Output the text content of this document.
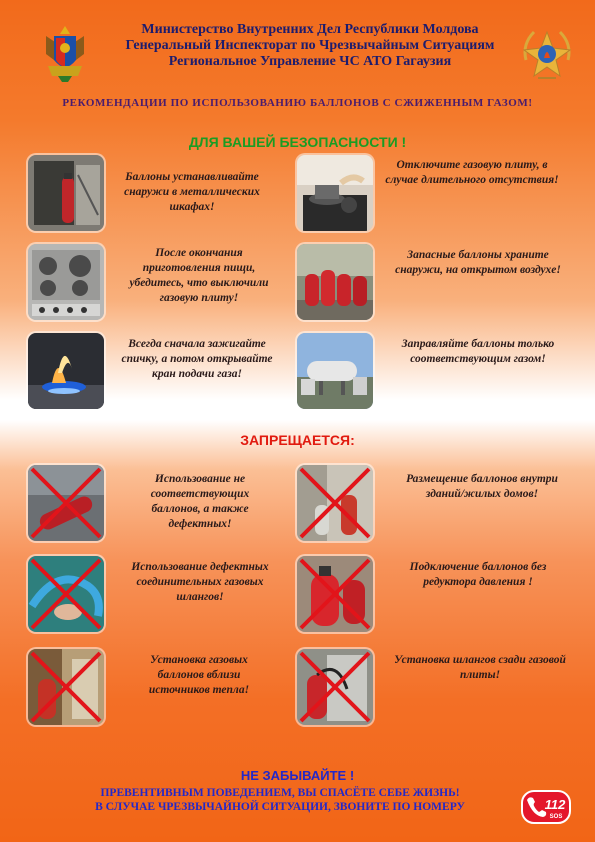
Министерство Внутренних Дел Республики Молдова
Генеральный Инспекторат по Чрезвычайным Ситуациям
Региональное Управление ЧС АТО Гагаузия
РЕКОМЕНДАЦИИ ПО ИСПОЛЬЗОВАНИЮ БАЛЛОНОВ С СЖИЖЕННЫМ ГАЗОМ!
ДЛЯ ВАШЕЙ БЕЗОПАСНОСТИ !
Баллоны устанавливайте снаружи в металлических шкафах!
Отключите газовую плиту, в случае длительного отсутствия!
После окончания приготовления пищи, убедитесь, что выключили газовую плиту!
Запасные баллоны храните снаружи, на открытом воздухе!
Всегда сначала зажигайте спичку, а потом открывайте кран подачи газа!
Заправляйте баллоны только соответствующим газом!
ЗАПРЕЩАЕТСЯ:
Использование не соответствующих баллонов, а также дефектных!
Размещение баллонов внутри зданий/жилых домов!
Использование дефектных соединительных газовых шлангов!
Подключение баллонов без редуктора давления !
Установка газовых баллонов вблизи источников тепла!
Установка шлангов сзади газовой плиты!
НЕ ЗАБЫВАЙТЕ !
ПРЕВЕНТИВНЫМ ПОВЕДЕНИЕМ, ВЫ СПАСЁТЕ СЕБЕ ЖИЗНЬ!
В СЛУЧАЕ ЧРЕЗВЫЧАЙНОЙ СИТУАЦИИ, ЗВОНИТЕ ПО НОМЕРУ	112
SOS
